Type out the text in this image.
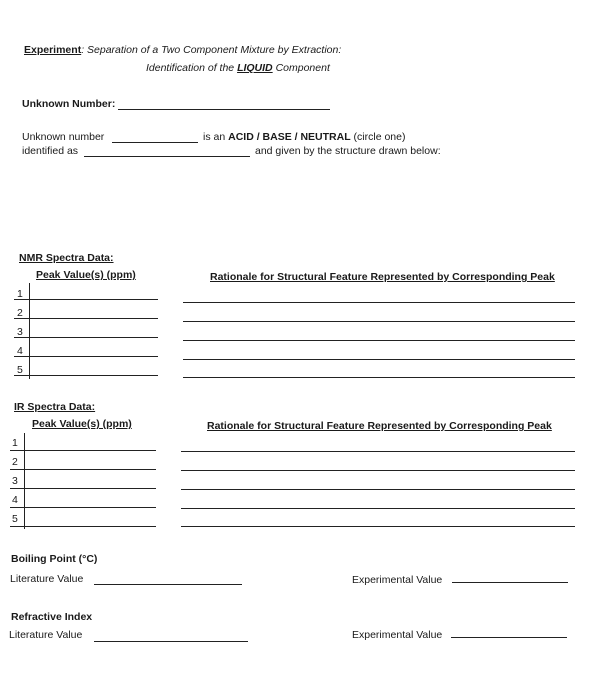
Experiment: Separation of a Two Component Mixture by Extraction:
Identification of the LIQUID Component
Unknown Number:
Unknown number	is an ACID / BASE / NEUTRAL (circle one)
identified as	and given by the structure drawn below:
NMR Spectra Data:
Peak Value(s) (ppm)	Rationale for Structural Feature Represented by Corresponding Peak
1
2
3
4
5
IR Spectra Data:
Peak Value(s) (ppm)	Rationale for Structural Feature Represented by Corresponding Peak
1
2
3
4
5
Boiling Point (°C)
Literature Value	Experimental Value
Refractive Index
Literature Value	Experimental Value
